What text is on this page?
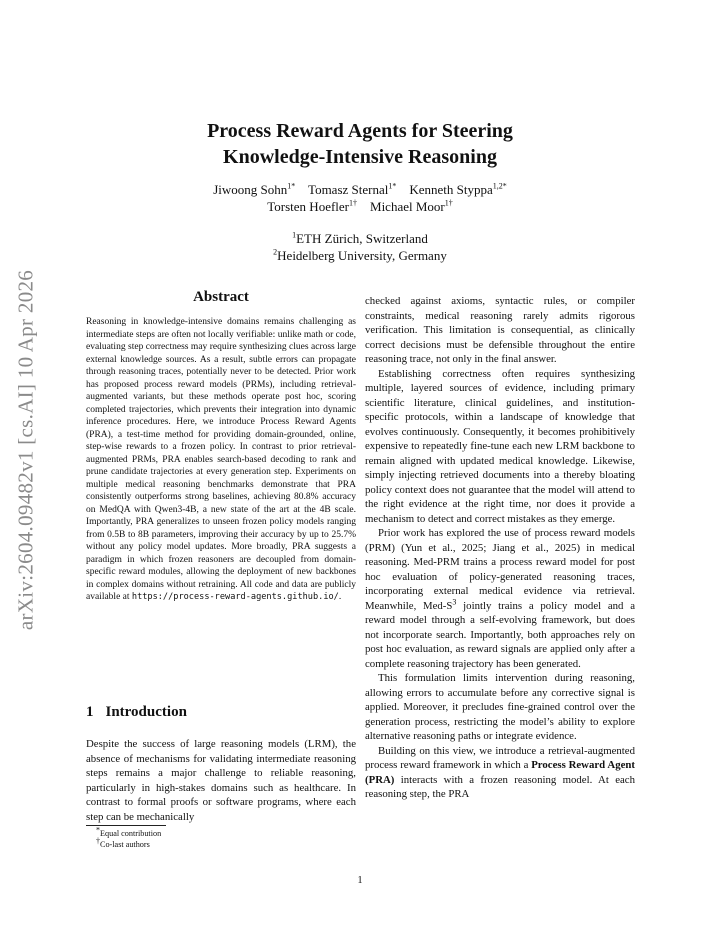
arXiv:2604.09482v1 [cs.AI] 10 Apr 2026
Process Reward Agents for Steering
Knowledge-Intensive Reasoning
Jiwoong Sohn$^{1*}$ Tomasz Sternal$^{1*}$ Kenneth Styppa$^{1,2*}$
Torsten Hoefler$^{1\dagger}$ Michael Moor$^{1\dagger}$
$^1$ETH Zürich, Switzerland
$^2$Heidelberg University, Germany
Abstract
Reasoning in knowledge-intensive domains remains challenging as intermediate steps are often not locally verifiable: unlike math or code, evaluating step correctness may require synthesizing clues across large external knowledge sources. As a result, subtle errors can propagate through reasoning traces, potentially never to be detected. Prior work has proposed process reward models (PRMs), including retrieval-augmented variants, but these methods operate post hoc, scoring completed trajectories, which prevents their integration into dynamic inference procedures. Here, we introduce Process Reward Agents (PRA), a test-time method for providing domain-grounded, online, step-wise rewards to a frozen policy. In contrast to prior retrieval-augmented PRMs, PRA enables search-based decoding to rank and prune candidate trajectories at every generation step. Experiments on multiple medical reasoning benchmarks demonstrate that PRA consistently outperforms strong baselines, achieving 80.8% accuracy on MedQA with Qwen3-4B, a new state of the art at the 4B scale. Importantly, PRA generalizes to unseen frozen policy models ranging from 0.5B to 8B parameters, improving their accuracy by up to 25.7% without any policy model updates. More broadly, PRA suggests a paradigm in which frozen reasoners are decoupled from domain-specific reward modules, allowing the deployment of new backbones in complex domains without retraining. All code and data are publicly available at https://process-reward-agents.github.io/.
1 Introduction
Despite the success of large reasoning models (LRM), the absence of mechanisms for validating intermediate reasoning steps remains a major challenge to reliable reasoning, particularly in high-stakes domains such as healthcare. In contrast to formal proofs or software programs, where each step can be mechanically
*Equal contribution
†Co-last authors

checked against axioms, syntactic rules, or compiler constraints, medical reasoning rarely admits rigorous verification. This limitation is consequential, as clinically correct decisions must be defensible throughout the entire reasoning trace, not only in the final answer.

Establishing correctness often requires synthesizing multiple, layered sources of evidence, including primary scientific literature, clinical guidelines, and institution-specific protocols, within a landscape of knowledge that evolves continuously. Consequently, it becomes prohibitively expensive to repeatedly fine-tune each new LRM backbone to remain aligned with updated medical knowledge. Likewise, simply injecting retrieved documents into a thereby bloating policy context does not guarantee that the model will attend to the right evidence at the right time, nor does it provide a mechanism to detect and correct mistakes as they emerge.

Prior work has explored the use of process reward models (PRM) (Yun et al., 2025; Jiang et al., 2025) in medical reasoning. Med-PRM trains a process reward model for post hoc evaluation of policy-generated reasoning traces, incorporating external medical evidence via retrieval. Meanwhile, Med-$S^3$ jointly trains a policy model and a reward model through a self-evolving framework, but does not incorporate search. Importantly, both approaches rely on post hoc evaluation, as reward signals are applied only after a complete reasoning trajectory has been generated.

This formulation limits intervention during reasoning, allowing errors to accumulate before any corrective signal is applied. Moreover, it precludes fine-grained control over the generation process, restricting the model’s ability to explore alternative reasoning paths or integrate evidence.

Building on this view, we introduce a retrieval-augmented process reward framework in which a Process Reward Agent (PRA) interacts with a frozen reasoning model. At each reasoning step, the PRA

1
